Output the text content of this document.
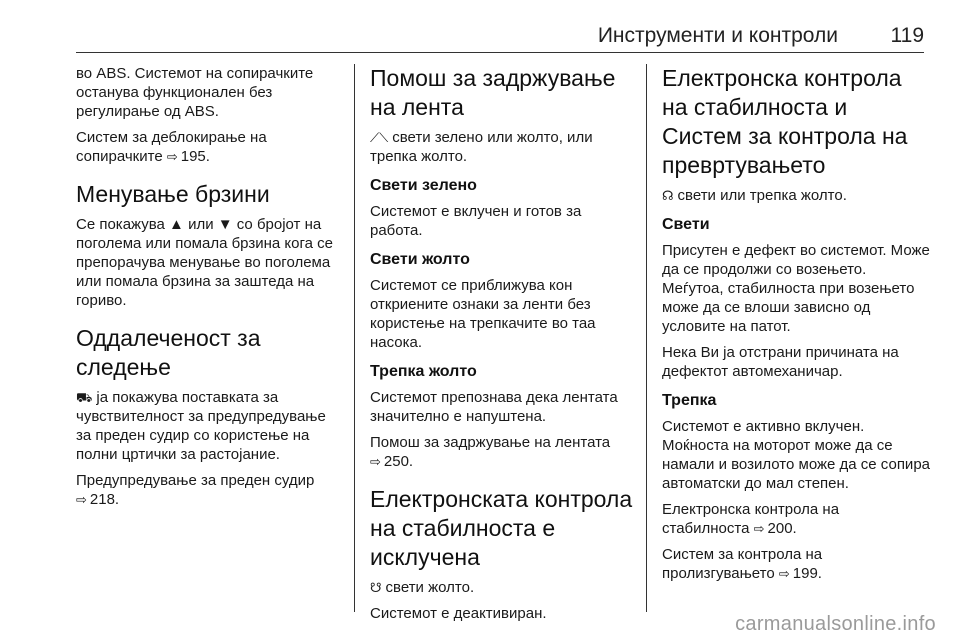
Инструменти и контроли	119

во ABS. Системот на сопирачките останува функционален без регулирање од ABS.

Систем за деблокирање на сопирачките ⇨ 195.

Менување брзини

Се покажува ▲ или ▼ со бројот на поголема или помала брзина кога се препорачува менување во поголема или помала брзина за заштеда на гориво.

Оддалеченост за следење

⛟ ја покажува поставката за чувствителност за предупредување за преден судир со користење на полни цртички за растојание.

Предупредување за преден судир ⇨ 218.

Помош за задржување на лента

⟋⟍ свети зелено или жолто, или трепка жолто.

Свети зелено

Системот е вклучен и готов за работа.

Свети жолто

Системот се приближува кон откриените ознаки за ленти без користење на трепкачите во таа насока.

Трепка жолто

Системот препознава дека лентата значително е напуштена.

Помош за задржување на лентата
⇨ 250.

Електронската контрола на стабилноста е исклучена

☋ свети жолто.

Системот е деактивиран.

Електронска контрола на стабилноста и Систем за контрола на превртувањето

☊ свети или трепка жолто.

Свети

Присутен е дефект во системот. Може да се продолжи со возењето. Меѓутоа, стабилноста при возењето може да се влоши зависно од условите на патот.

Нека Ви ја отстрани причината на дефектот автомеханичар.

Трепка

Системот е активно вклучен. Моќноста на моторот може да се намали и возилото може да се сопира автоматски до мал степен.

Електронска контрола на стабилноста ⇨ 200.

Систем за контрола на пролизгувањето ⇨ 199.

carmanualsonline.info
